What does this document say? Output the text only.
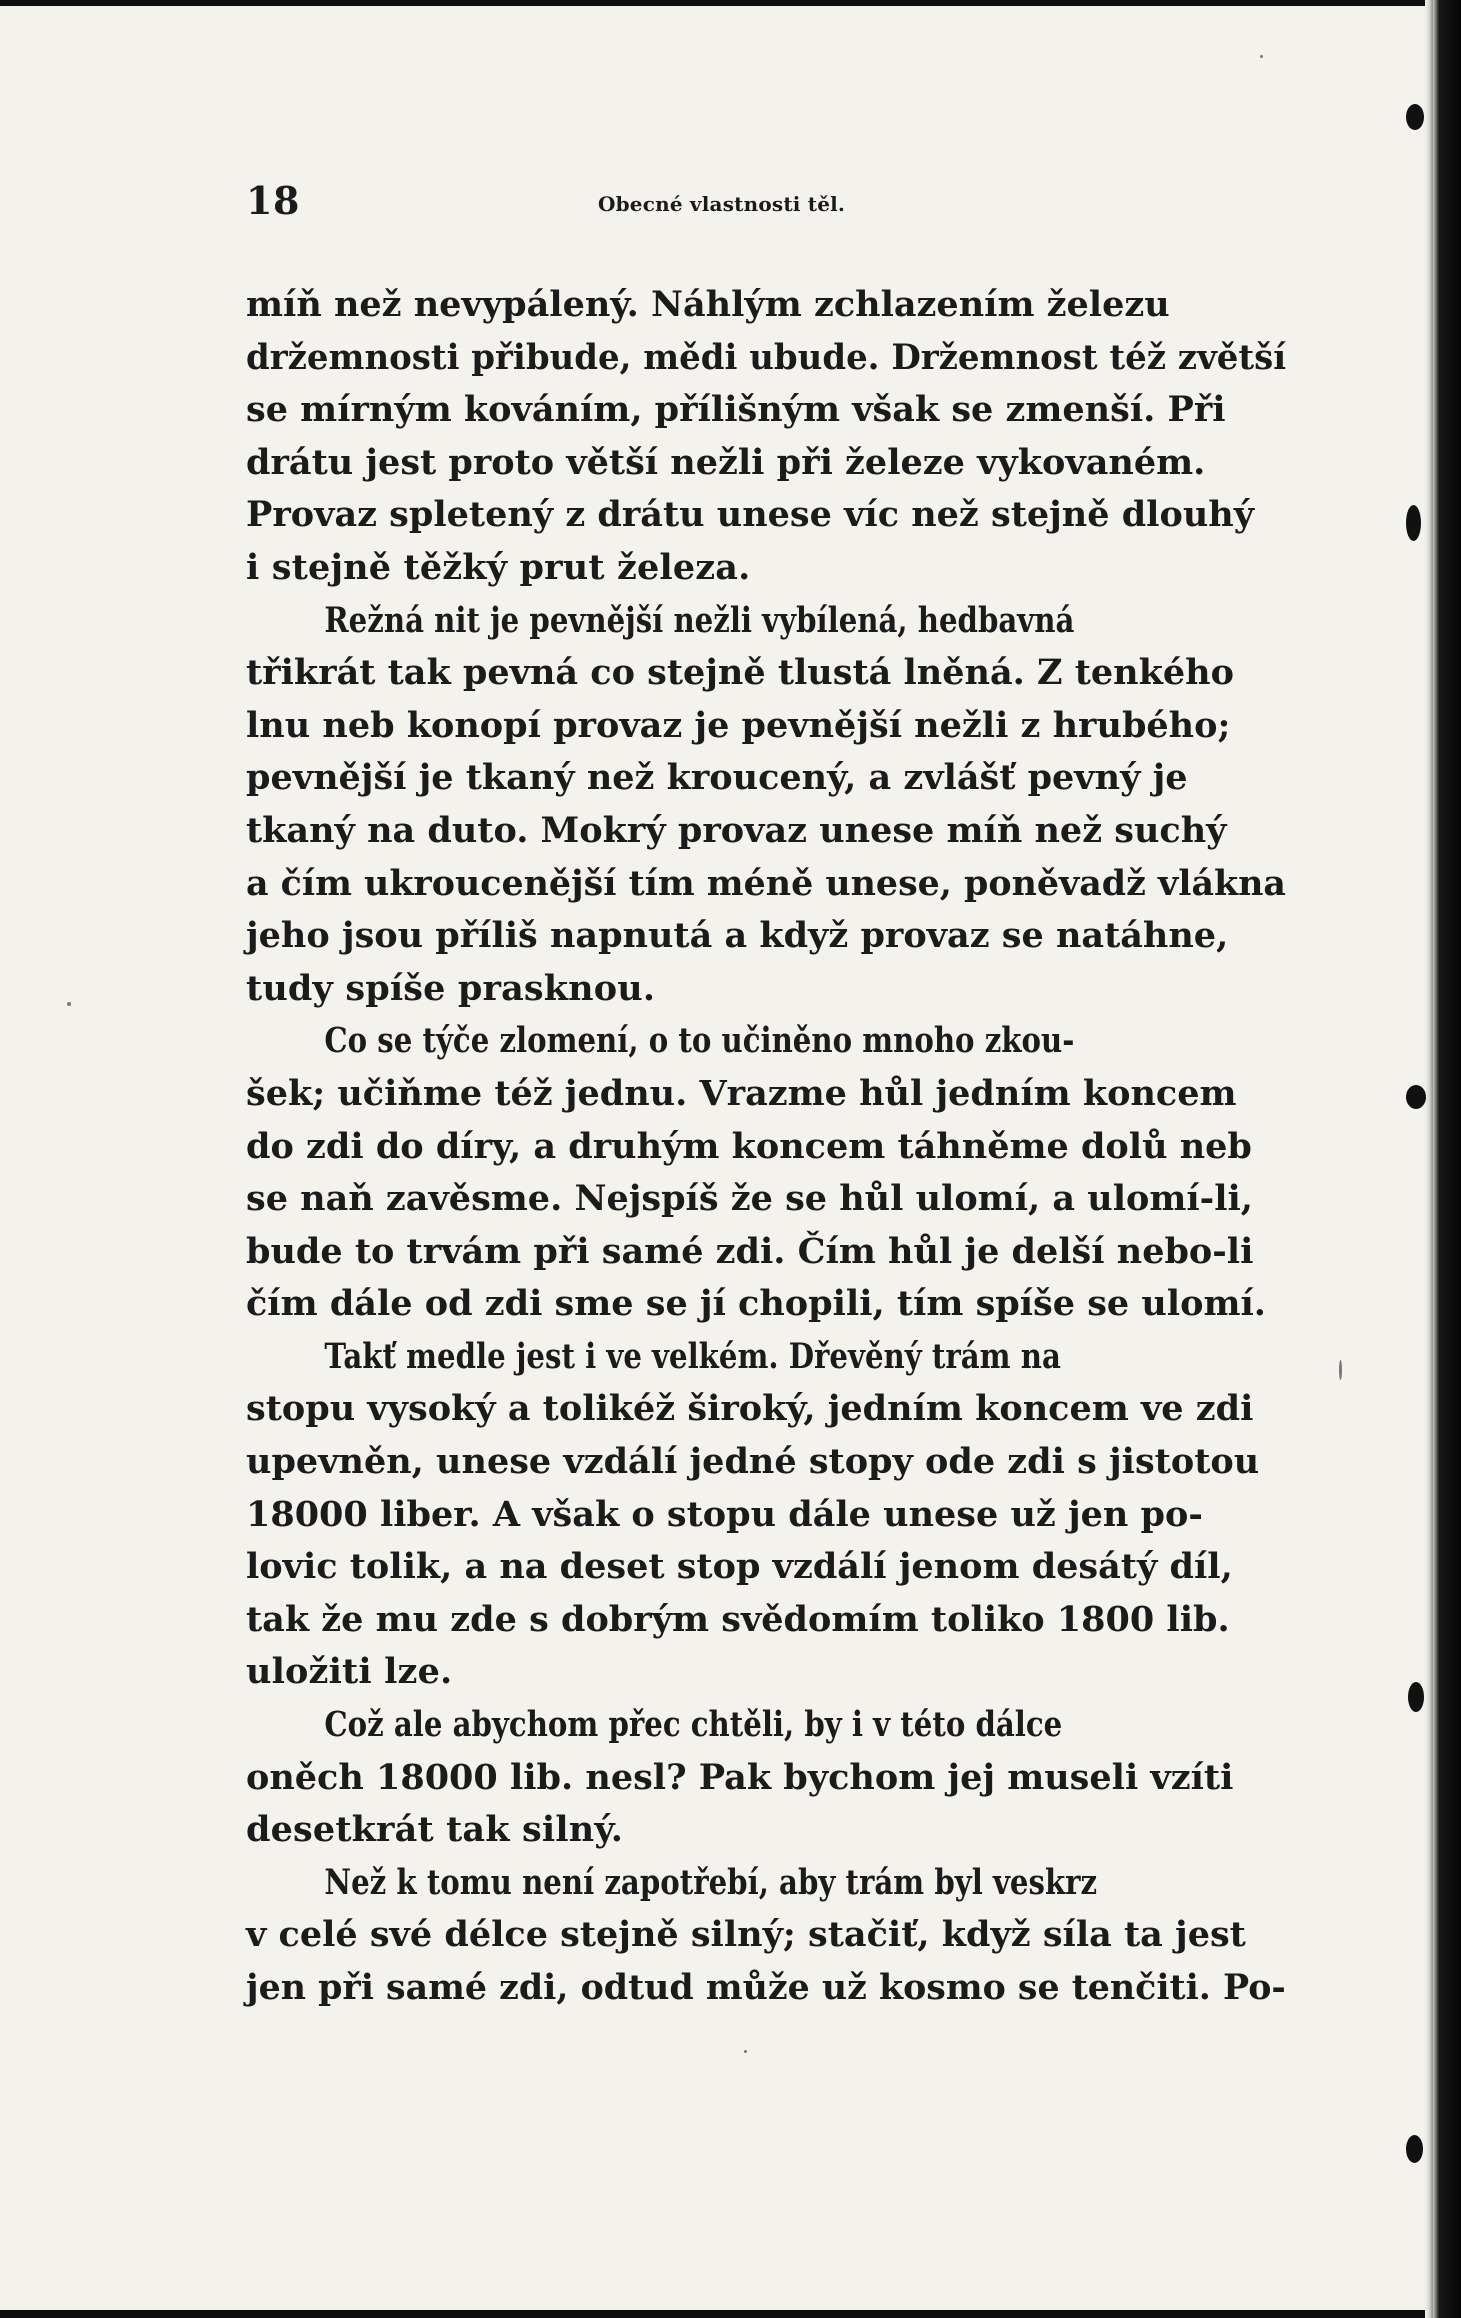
18	Obecné vlastnosti těl.
míň než nevypálený. Náhlým zchlazením železu
držemnosti přibude, mědi ubude. Držemnost též zvětší
se mírným kováním, přílišným však se zmenší. Při
drátu jest proto větší nežli při železe vykovaném.
Provaz spletený z drátu unese víc než stejně dlouhý
i stejně těžký prut železa.
Režná nit je pevnější nežli vybílená, hedbavná
třikrát tak pevná co stejně tlustá lněná. Z tenkého
lnu neb konopí provaz je pevnější nežli z hrubého;
pevnější je tkaný než kroucený, a zvlášť pevný je
tkaný na duto. Mokrý provaz unese míň než suchý
a čím ukroucenější tím méně unese, poněvadž vlákna
jeho jsou příliš napnutá a když provaz se natáhne,
tudy spíše prasknou.
Co se týče zlomení, o to učiněno mnoho zkou-
šek; učiňme též jednu. Vrazme hůl jedním koncem
do zdi do díry, a druhým koncem táhněme dolů neb
se naň zavěsme. Nejspíš že se hůl ulomí, a ulomí-li,
bude to trvám při samé zdi. Čím hůl je delší nebo-li
čím dále od zdi sme se jí chopili, tím spíše se ulomí.
Takť medle jest i ve velkém. Dřevěný trám na
stopu vysoký a tolikéž široký, jedním koncem ve zdi
upevněn, unese vzdálí jedné stopy ode zdi s jistotou
18000 liber. A však o stopu dále unese už jen po-
lovic tolik, a na deset stop vzdálí jenom desátý díl,
tak že mu zde s dobrým svědomím toliko 1800 lib.
uložiti lze.
Což ale abychom přec chtěli, by i v této dálce
oněch 18000 lib. nesl? Pak bychom jej museli vzíti
desetkrát tak silný.
Než k tomu není zapotřebí, aby trám byl veskrz
v celé své délce stejně silný; stačiť, když síla ta jest
jen při samé zdi, odtud může už kosmo se tenčiti. Po-
